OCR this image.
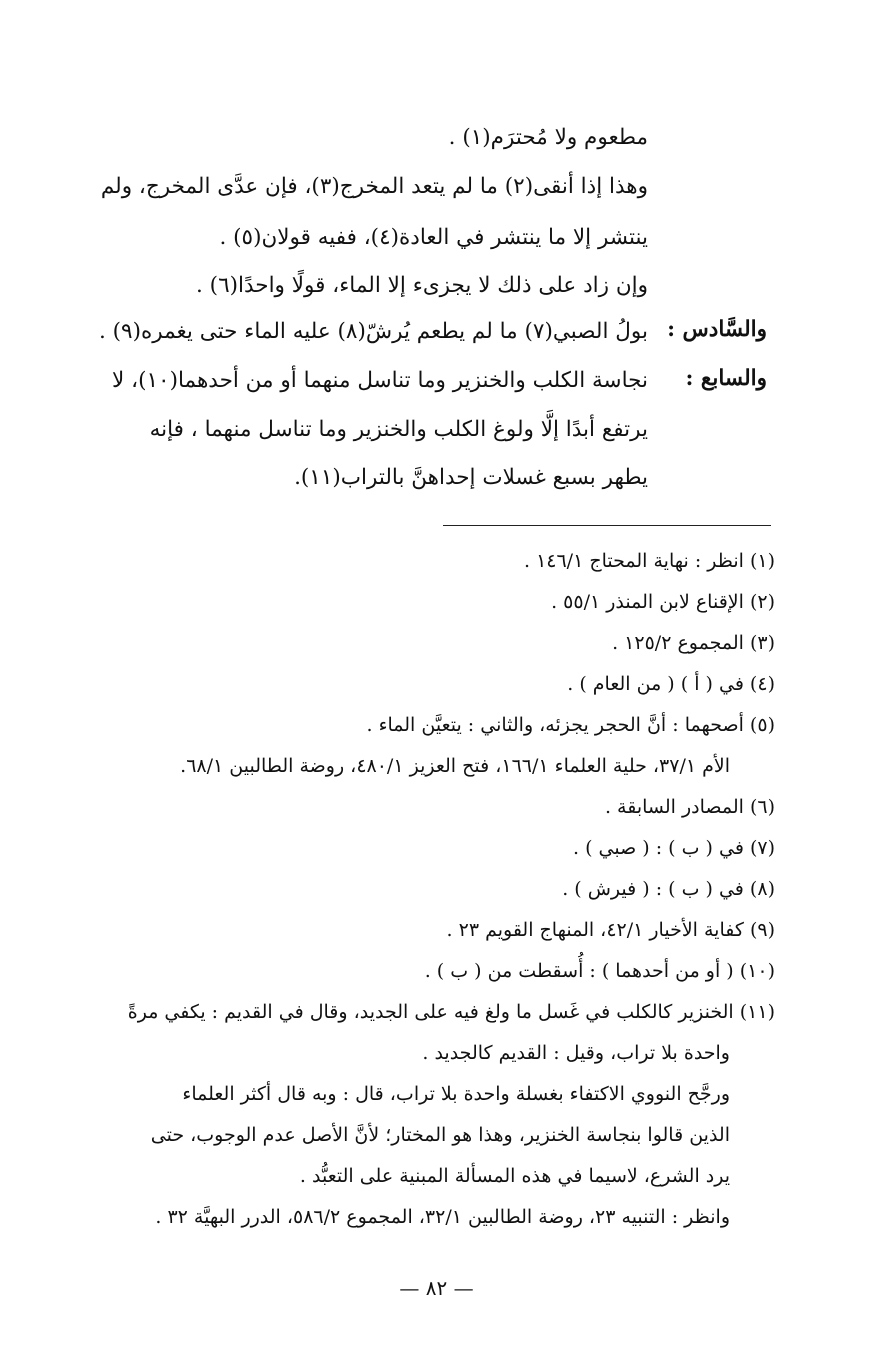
مطعوم ولا مُحترَم(١) .
وهذا إذا أنقى(٢) ما لم يتعد المخرج(٣)، فإن عدَّى المخرج، ولم
ينتشر إلا ما ينتشر في العادة(٤)، ففيه قولان(٥) .
وإن زاد على ذلك لا يجزىء إلا الماء، قولًا واحدًا(٦) .
والسَّادس :
بولُ الصبي(٧) ما لم يطعم يُرشّ(٨) عليه الماء حتى يغمره(٩) .
والسابع :
نجاسة الكلب والخنزير وما تناسل منهما أو من أحدهما(١٠)، لا
يرتفع أبدًا إلَّا ولوغ الكلب والخنزير وما تناسل منهما ، فإنه
يطهر بسبع غسلات إحداهنَّ بالتراب(١١).
(١) انظر : نهاية المحتاج ١٤٦/١ .
(٢) الإقناع لابن المنذر ٥٥/١ .
(٣) المجموع ١٢٥/٢ .
(٤) في ( أ ) ( من العام ) .
(٥) أصحهما : أنَّ الحجر يجزئه، والثاني : يتعيَّن الماء .
الأم ٣٧/١، حلية العلماء ١٦٦/١، فتح العزيز ٤٨٠/١، روضة الطالبين ٦٨/١.
(٦) المصادر السابقة .
(٧) في ( ب ) : ( صبي ) .
(٨) في ( ب ) : ( فيرش ) .
(٩) كفاية الأخيار ٤٢/١، المنهاج القويم ٢٣ .
(١٠) ( أو من أحدهما ) : أُسقطت من ( ب ) .
(١١) الخنزير كالكلب في غَسل ما ولغ فيه على الجديد، وقال في القديم : يكفي مرةً
واحدة بلا تراب، وقيل : القديم كالجديد .
ورجَّح النووي الاكتفاء بغسلة واحدة بلا تراب، قال : وبه قال أكثر العلماء
الذين قالوا بنجاسة الخنزير، وهذا هو المختار؛ لأنَّ الأصل عدم الوجوب، حتى
يرد الشرع، لاسيما في هذه المسألة المبنية على التعبُّد .
وانظر : التنبيه ٢٣، روضة الطالبين ٣٢/١، المجموع ٥٨٦/٢، الدرر البهيَّة ٣٢ .
— ٨٢ —
